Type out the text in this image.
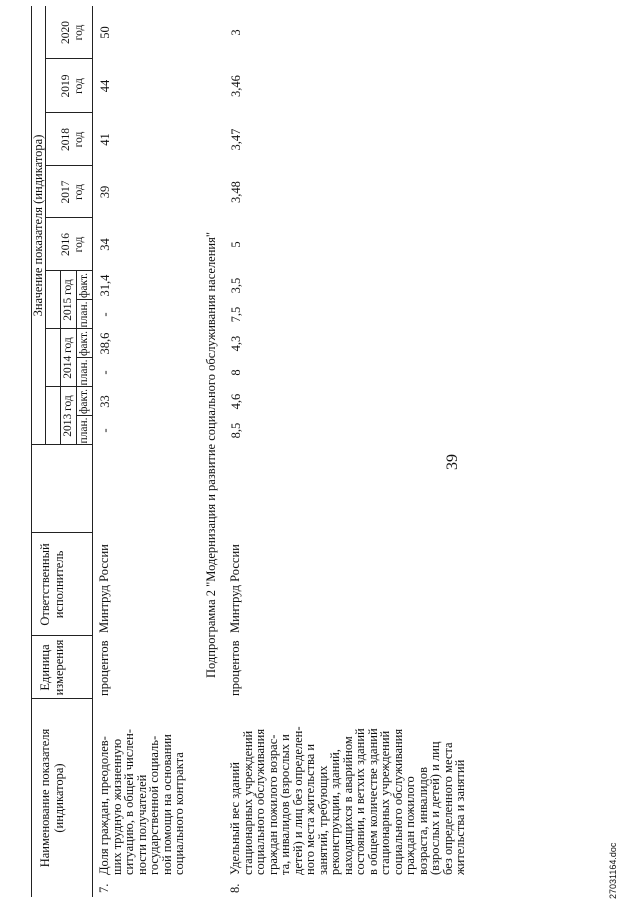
39
27031164.doc
Наименование показателя (индикатора)
Единица измерения
Ответственный исполнитель
Значение показателя (индикатора)
2013 год
2014 год
2015 год
2016 год
2017 год
2018 год
2019 год
2020 год
план.
факт.
план.
факт.
план.
факт.
7.
Доля граждан, преодолев-
ших трудную жизненную
ситуацию, в общей числен-
ности получателей
государственной социаль-
ной помощи на основании
социального контракта
процентов
Минтруд России
-
33
-
38,6
-
31,4
34
39
41
44
50
Подпрограмма 2 "Модернизация и развитие социального обслуживания населения"
8.
Удельный вес зданий
стационарных учреждений
социального обслуживания
граждан пожилого возрас-
та, инвалидов (взрослых и
детей) и лиц без определен-
ного места жительства и
занятий, требующих
реконструкции, зданий,
находящихся в аварийном
состоянии, и ветхих зданий
в общем количестве зданий
стационарных учреждений
социального обслуживания
граждан пожилого
возраста, инвалидов
(взрослых и детей) и лиц
без определенного места
жительства и занятий
процентов
Минтруд России
8,5
4,6
8
4,3
7,5
3,5
5
3,48
3,47
3,46
3
